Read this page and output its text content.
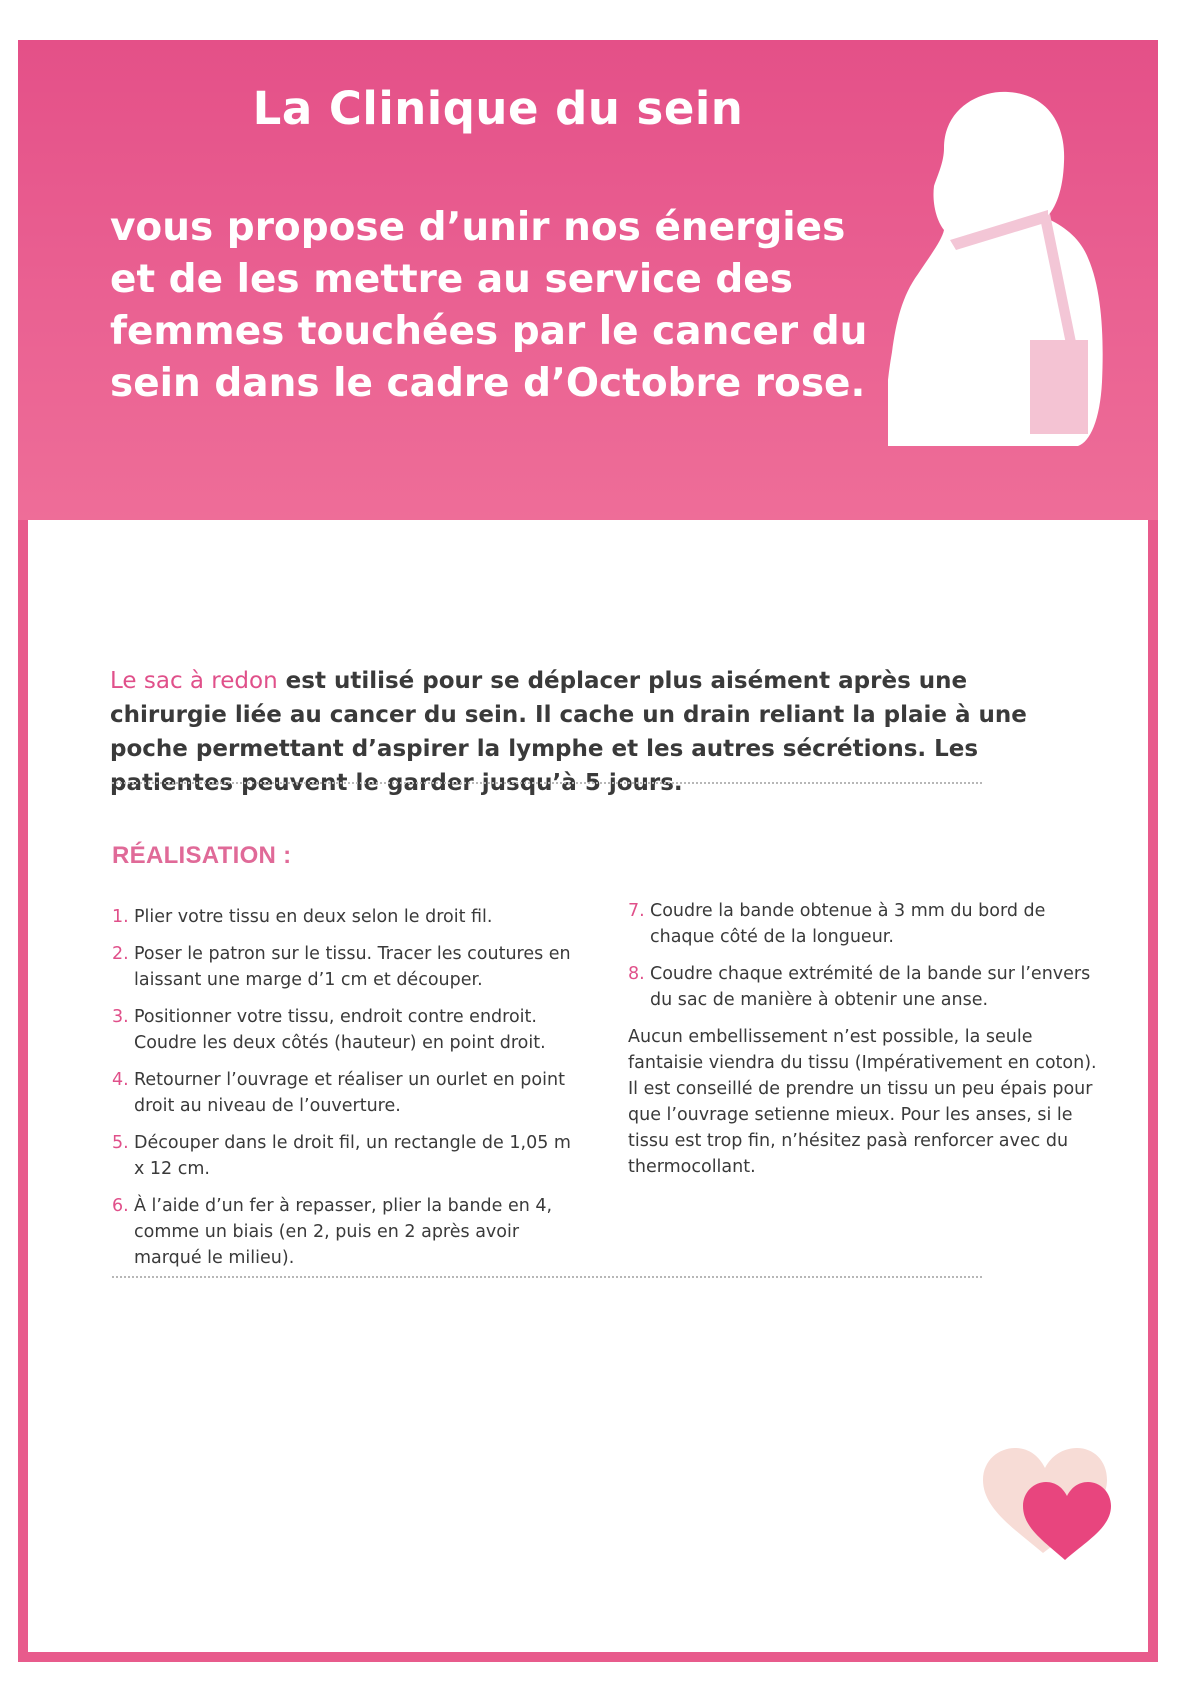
La Clinique du sein
vous propose d’unir nos énergies
et de les mettre au service des
femmes touchées par le cancer du
sein dans le cadre d’Octobre rose.
Le sac à redon est utilisé pour se déplacer plus aisément après une chirurgie liée au cancer du sein. Il cache un drain reliant la plaie à une poche permettant d’aspirer la lymphe et les autres sécrétions. Les patientes peuvent le garder jusqu’à 5 jours.
RÉALISATION :
1. Plier votre tissu en deux selon le droit fil.
2. Poser le patron sur le tissu. Tracer les coutures en laissant une marge d’1 cm et découper.
3. Positionner votre tissu, endroit contre endroit. Coudre les deux côtés (hauteur) en point droit.
4. Retourner l’ouvrage et réaliser un ourlet en point droit au niveau de l’ouverture.
5. Découper dans le droit fil, un rectangle de 1,05 m x 12 cm.
6. À l’aide d’un fer à repasser, plier la bande en 4, comme un biais (en 2, puis en 2 après avoir marqué le milieu).
7. Coudre la bande obtenue à 3 mm du bord de chaque côté de la longueur.
8. Coudre chaque extrémité de la bande sur l’envers du sac de manière à obtenir une anse.
Aucun embellissement n’est possible, la seule fantaisie viendra du tissu (Impérativement en coton). Il est conseillé de prendre un tissu un peu épais pour que l’ouvrage setienne mieux. Pour les anses, si le tissu est trop fin, n’hésitez pasà renforcer avec du thermocollant.
